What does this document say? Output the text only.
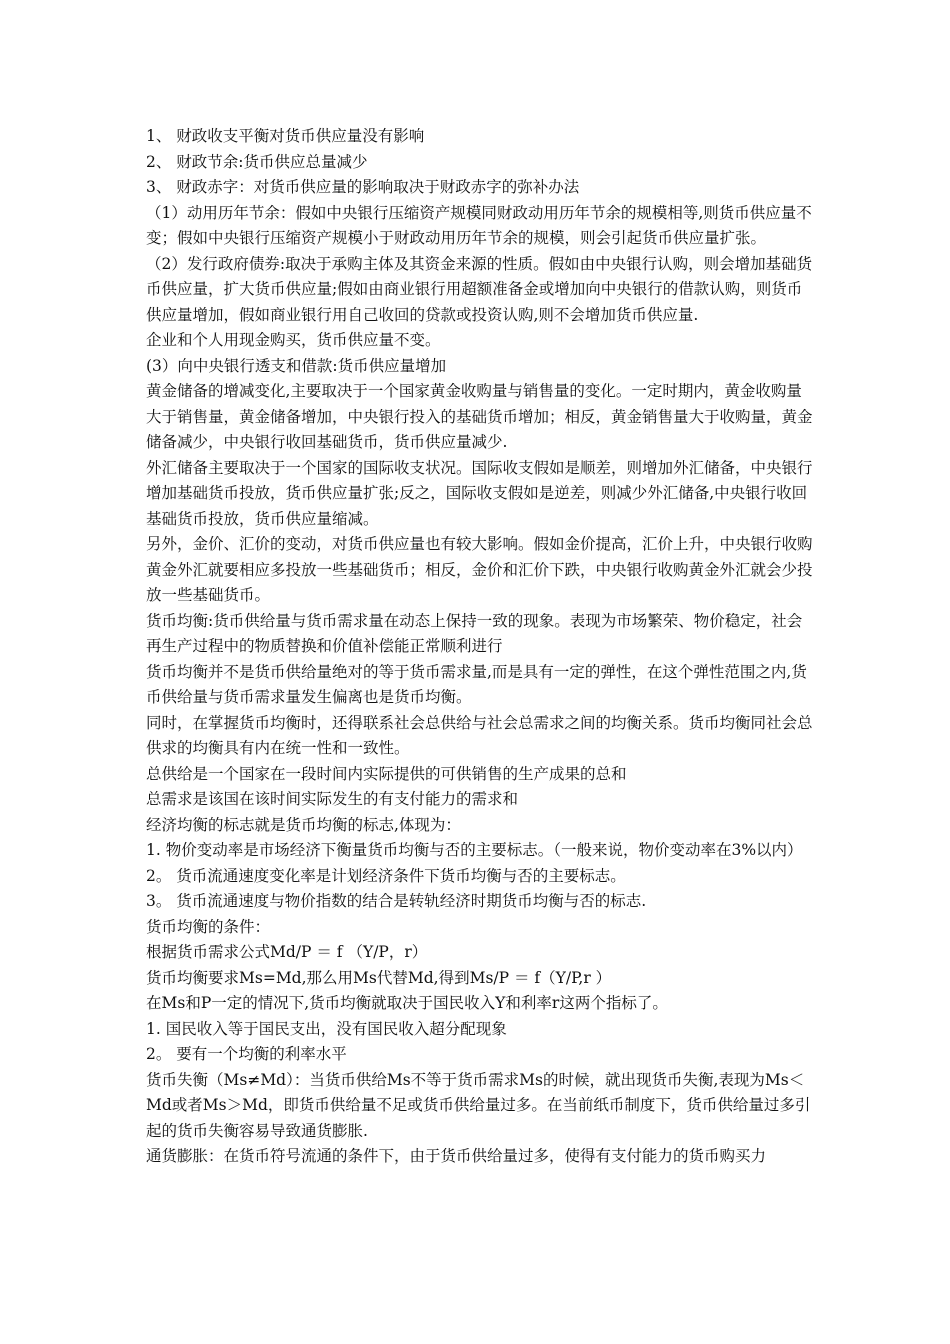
1、 财政收支平衡对货币供应量没有影响

2、 财政节余:货币供应总量减少

3、 财政赤字：对货币供应量的影响取决于财政赤字的弥补办法

（1）动用历年节余：假如中央银行压缩资产规模同财政动用历年节余的规模相等,则货币供应量不变；假如中央银行压缩资产规模小于财政动用历年节余的规模，则会引起货币供应量扩张。

（2）发行政府债券:取决于承购主体及其资金来源的性质。假如由中央银行认购，则会增加基础货币供应量，扩大货币供应量;假如由商业银行用超额准备金或增加向中央银行的借款认购，则货币供应量增加，假如商业银行用自己收回的贷款或投资认购,则不会增加货币供应量.

企业和个人用现金购买，货币供应量不变。

(3）向中央银行透支和借款:货币供应量增加

黄金储备的增减变化,主要取决于一个国家黄金收购量与销售量的变化。一定时期内，黄金收购量大于销售量，黄金储备增加，中央银行投入的基础货币增加；相反，黄金销售量大于收购量，黄金储备减少，中央银行收回基础货币，货币供应量减少.

外汇储备主要取决于一个国家的国际收支状况。国际收支假如是顺差，则增加外汇储备，中央银行增加基础货币投放，货币供应量扩张;反之，国际收支假如是逆差，则减少外汇储备,中央银行收回基础货币投放，货币供应量缩减。

另外，金价、汇价的变动，对货币供应量也有较大影响。假如金价提高，汇价上升，中央银行收购黄金外汇就要相应多投放一些基础货币；相反，金价和汇价下跌，中央银行收购黄金外汇就会少投放一些基础货币。

货币均衡:货币供给量与货币需求量在动态上保持一致的现象。表现为市场繁荣、物价稳定，社会再生产过程中的物质替换和价值补偿能正常顺利进行

货币均衡并不是货币供给量绝对的等于货币需求量,而是具有一定的弹性，在这个弹性范围之内,货币供给量与货币需求量发生偏离也是货币均衡。

同时，在掌握货币均衡时，还得联系社会总供给与社会总需求之间的均衡关系。货币均衡同社会总供求的均衡具有内在统一性和一致性。

总供给是一个国家在一段时间内实际提供的可供销售的生产成果的总和

总需求是该国在该时间实际发生的有支付能力的需求和

经济均衡的标志就是货币均衡的标志,体现为：

1. 物价变动率是市场经济下衡量货币均衡与否的主要标志。（一般来说，物价变动率在3%以内）

2。 货币流通速度变化率是计划经济条件下货币均衡与否的主要标志。

3。 货币流通速度与物价指数的结合是转轨经济时期货币均衡与否的标志.

货币均衡的条件：

根据货币需求公式Md/P ＝ f （Y/P，r）

货币均衡要求Ms=Md,那么用Ms代替Md,得到Ms/P ＝ f（Y/P,r ）

在Ms和P一定的情况下,货币均衡就取决于国民收入Y和利率r这两个指标了。

1. 国民收入等于国民支出，没有国民收入超分配现象

2。 要有一个均衡的利率水平

货币失衡（Ms≠Md）：当货币供给Ms不等于货币需求Ms的时候，就出现货币失衡,表现为Ms＜Md或者Ms＞Md，即货币供给量不足或货币供给量过多。在当前纸币制度下，货币供给量过多引起的货币失衡容易导致通货膨胀.

通货膨胀：在货币符号流通的条件下，由于货币供给量过多，使得有支付能力的货币购买力
